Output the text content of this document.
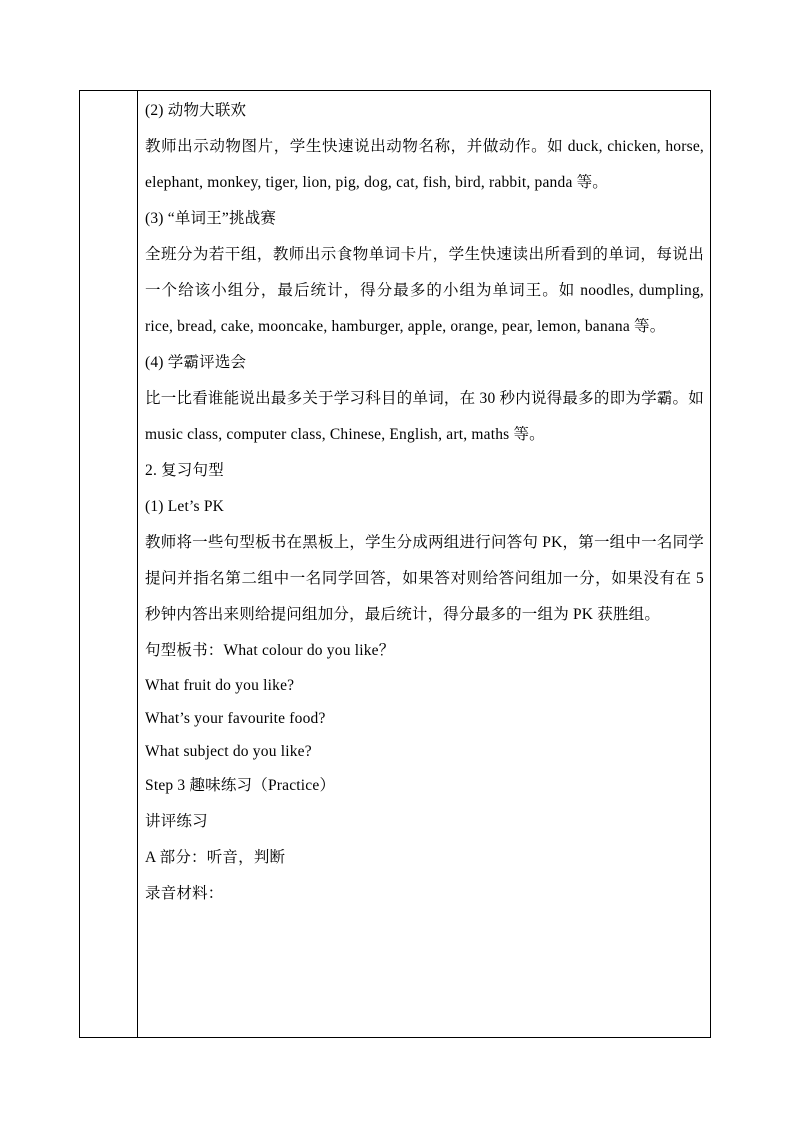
(2) 动物大联欢

教师出示动物图片，学生快速说出动物名称，并做动作。如 duck, chicken, horse, elephant, monkey, tiger, lion, pig, dog, cat, fish, bird, rabbit, panda 等。

(3) “单词王”挑战赛

全班分为若干组，教师出示食物单词卡片，学生快速读出所看到的单词，每说出一个给该小组分，最后统计，得分最多的小组为单词王。如 noodles, dumpling, rice, bread, cake, mooncake, hamburger, apple, orange, pear, lemon, banana 等。

(4) 学霸评选会

比一比看谁能说出最多关于学习科目的单词，在 30 秒内说得最多的即为学霸。如 music class, computer class, Chinese, English, art, maths 等。

2. 复习句型

(1) Let’s PK

教师将一些句型板书在黑板上，学生分成两组进行问答句 PK，第一组中一名同学提问并指名第二组中一名同学回答，如果答对则给答问组加一分，如果没有在 5 秒钟内答出来则给提问组加分，最后统计，得分最多的一组为 PK 获胜组。

句型板书：What colour do you like？

What fruit do you like?

What’s your favourite food?

What subject do you like?

Step 3 趣味练习（Practice）

讲评练习

A 部分：听音，判断

录音材料：
